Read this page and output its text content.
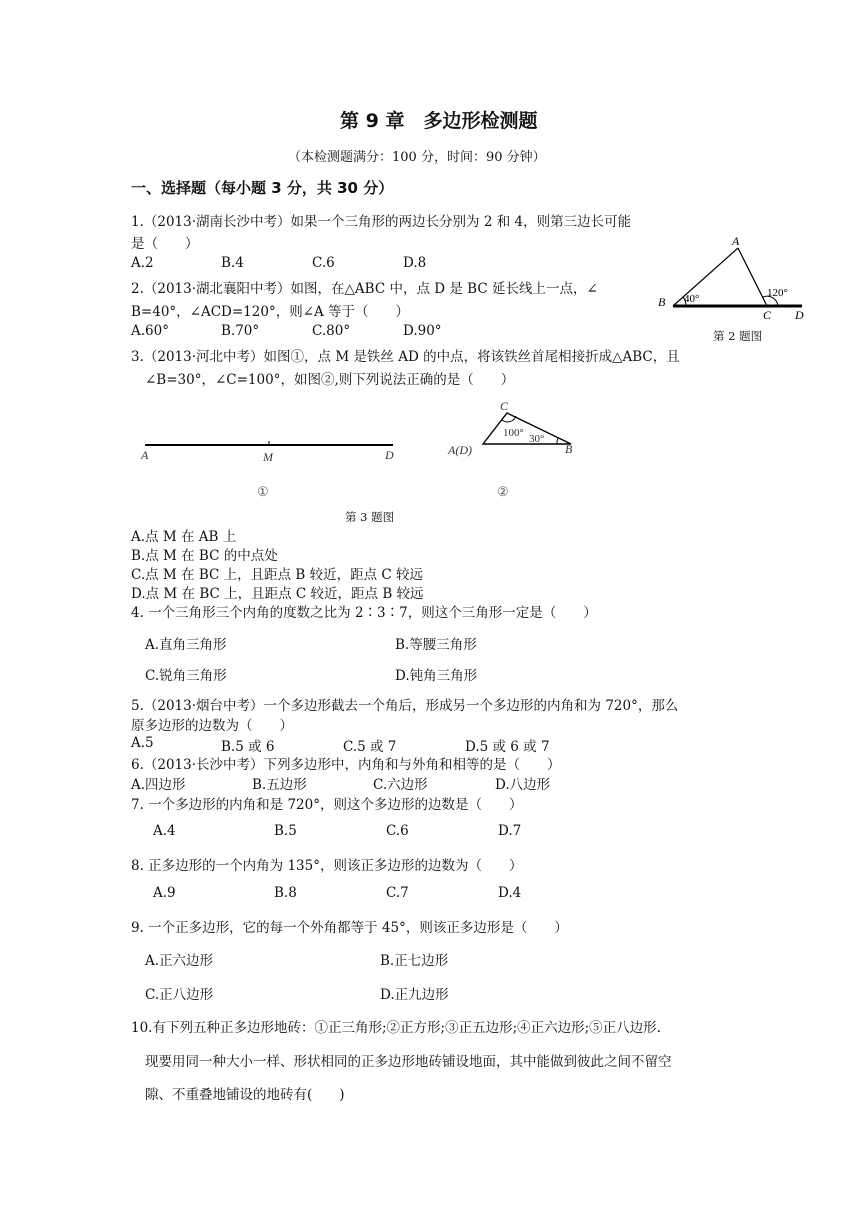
第 9 章　多边形检测题
（本检测题满分：100 分，时间：90 分钟）
一、选择题（每小题 3 分，共 30 分）
1.（2013·湖南长沙中考）如果一个三角形的两边长分别为 2 和 4，则第三边长可能
是（　　）
A.2	B.4	C.6	D.8
A
B
C D
40°	120°
第 2 题图
2.（2013·湖北襄阳中考）如图，在△ABC 中，点 D 是 BC 延长线上一点，∠
B=40°，∠ACD=120°，则∠A 等于（　　）
A.60°	B.70°	C.80°	D.90°
3.（2013·河北中考）如图①，点 M 是铁丝 AD 的中点，将该铁丝首尾相接折成△ABC，且
∠B=30°，∠C=100°，如图②,则下列说法正确的是（　　）
A	M	D
①
C
A(D)	B
100° 30°
②
第 3 题图
A.点 M 在 AB 上
B.点 M 在 BC 的中点处
C.点 M 在 BC 上，且距点 B 较近，距点 C 较远
D.点 M 在 BC 上，且距点 C 较近，距点 B 较远
4. 一个三角形三个内角的度数之比为 2∶3∶7，则这个三角形一定是（　　）
A.直角三角形	B.等腰三角形
C.锐角三角形	D.钝角三角形
5.（2013·烟台中考）一个多边形截去一个角后，形成另一个多边形的内角和为 720°，那么
原多边形的边数为（　　）
A.5	B.5 或 6	C.5 或 7	D.5 或 6 或 7
6.（2013·长沙中考）下列多边形中，内角和与外角和相等的是（　　）
A.四边形	B.五边形	C.六边形	D.八边形
7. 一个多边形的内角和是 720°，则这个多边形的边数是（　　）
A.4	B.5	C.6	D.7
8. 正多边形的一个内角为 135°，则该正多边形的边数为（　　）
A.9	B.8	C.7	D.4
9. 一个正多边形，它的每一个外角都等于 45°，则该正多边形是（　　）
A.正六边形	B.正七边形
C.正八边形	D.正九边形
10.有下列五种正多边形地砖：①正三角形;②正方形;③正五边形;④正六边形;⑤正八边形.
现要用同一种大小一样、形状相同的正多边形地砖铺设地面，其中能做到彼此之间不留空
隙、不重叠地铺设的地砖有(　　)
